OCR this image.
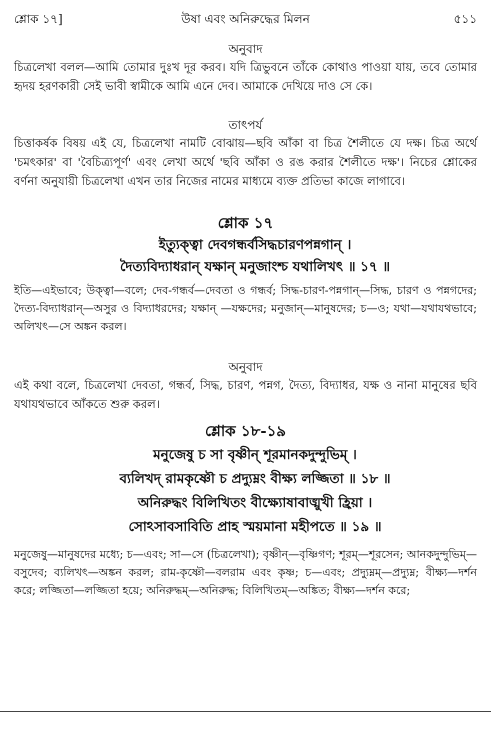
শ্লোক ১৭]	উষা এবং অনিরুদ্ধের মিলন	৫১১
অনুবাদ
চিত্রলেখা বলল—আমি তোমার দুঃখ দূর করব। যদি ত্রিভুবনে তাঁকে কোথাও পাওয়া যায়, তবে তোমার হৃদয় হরণকারী সেই ভাবী স্বামীকে আমি এনে দেব। আমাকে দেখিয়ে দাও সে কে।
তাৎপর্য
চিত্তাকর্ষক বিষয় এই যে, চিত্রলেখা নামটি বোঝায়—ছবি আঁকা বা চিত্র শৈলীতে যে দক্ষ। চিত্র অর্থে 'চমৎকার' বা 'বৈচিত্র্যপূর্ণ' এবং লেখা অর্থে 'ছবি আঁকা ও রঙ করার শৈলীতে দক্ষ'। নিচের শ্লোকের বর্ণনা অনুযায়ী চিত্রলেখা এখন তার নিজের নামের মাধ্যমে ব্যক্ত প্রতিভা কাজে লাগাবে।
শ্লোক ১৭
ইত্যুক্ত্বা দেবগন্ধর্বসিদ্ধচারণপন্নগান্ ।
দৈত্যবিদ্যাধরান্ যক্ষান্ মনুজাংশ্চ যথালিখৎ ॥ ১৭ ॥
ইতি—এইভাবে; উক্ত্বা—বলে; দেব-গন্ধর্ব—দেবতা ও গন্ধর্ব; সিদ্ধ-চারণ-পন্নগান্—সিদ্ধ, চারণ ও পন্নগদের; দৈত্য-বিদ্যাধরান্—অসুর ও বিদ্যাধরদের; যক্ষান্ —যক্ষদের; মনুজান্—মানুষদের; চ—ও; যথা—যথাযথভাবে; অলিখৎ—সে অঙ্কন করল।
অনুবাদ
এই কথা বলে, চিত্রলেখা দেবতা, গন্ধর্ব, সিদ্ধ, চারণ, পন্নগ, দৈত্য, বিদ্যাধর, যক্ষ ও নানা মানুষের ছবি যথাযথভাবে আঁকতে শুরু করল।
শ্লোক ১৮-১৯
মনুজেষু চ সা বৃষ্ণীন্ শূরমানকদুন্দুভিম্ ।
ব্যলিখদ্ রামকৃষ্ণৌ চ প্রদ্যুম্নং বীক্ষ্য লজ্জিতা ॥ ১৮ ॥
অনিরুদ্ধং বিলিখিতং বীক্ষ্যোষাবাঙ্মুখী হ্রিয়া ।
সোঽসাবসাবিতি প্রাহ স্ময়মানা মহীপতে ॥ ১৯ ॥
মনুজেষু—মানুষদের মধ্যে; চ—এবং; সা—সে (চিত্রলেখা); বৃষ্ণীন্—বৃষ্ণিগণ; শূরম্—শূরসেন; আনকদুন্দুভিম্—বসুদেব; ব্যলিখৎ—অঙ্কন করল; রাম-কৃষ্ণৌ—বলরাম এবং কৃষ্ণ; চ—এবং; প্রদ্যুম্নম্—প্রদ্যুম্ন; বীক্ষ্য—দর্শন করে; লজ্জিতা—লজ্জিতা হয়ে; অনিরুদ্ধম্—অনিরুদ্ধ; বিলিখিতম্—অঙ্কিত; বীক্ষ্য—দর্শন করে;
